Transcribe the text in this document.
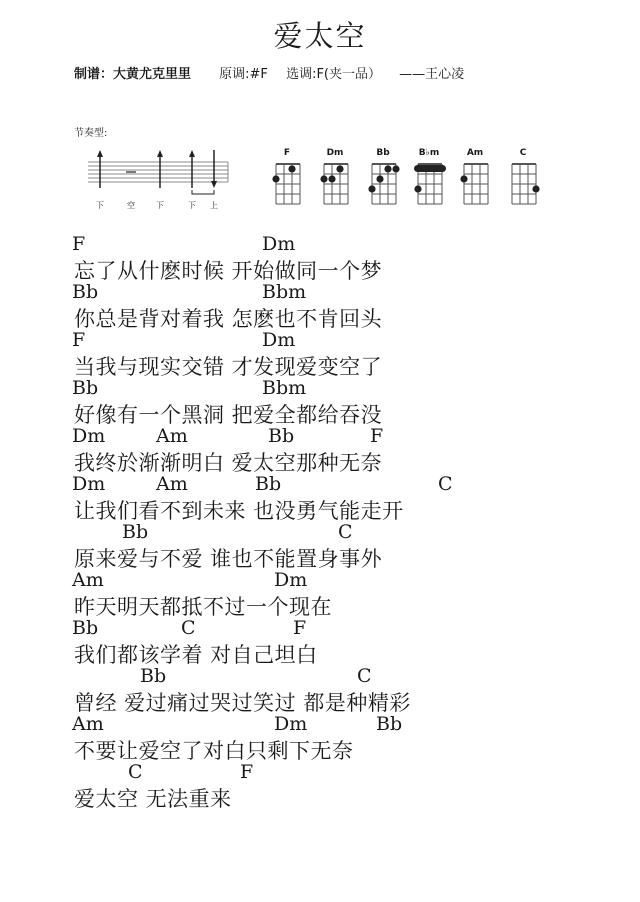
爱太空
制谱：大黄尤克里里 原调:#F 选调:F(夹一品） ——王心凌
节奏型:
下	空	下	下 上
F	Dm	Bb	B♭m	Am	C
F	Dm
忘了从什麽时候 开始做同一个梦
Bb	Bbm
你总是背对着我 怎麽也不肯回头
F	Dm
当我与现实交错 才发现爱变空了
Bb	Bbm
好像有一个黑洞 把爱全都给吞没
Dm	Am	Bb	F
我终於渐渐明白 爱太空那种无奈
Dm	Am	Bb	C
让我们看不到未来 也没勇气能走开
Bb	C
原来爱与不爱 谁也不能置身事外
Am	Dm
昨天明天都抵不过一个现在
Bb	C	F
我们都该学着 对自己坦白
Bb	C
曾经 爱过痛过哭过笑过 都是种精彩
Am	Dm	Bb
不要让爱空了对白只剩下无奈
C	F
爱太空 无法重来
